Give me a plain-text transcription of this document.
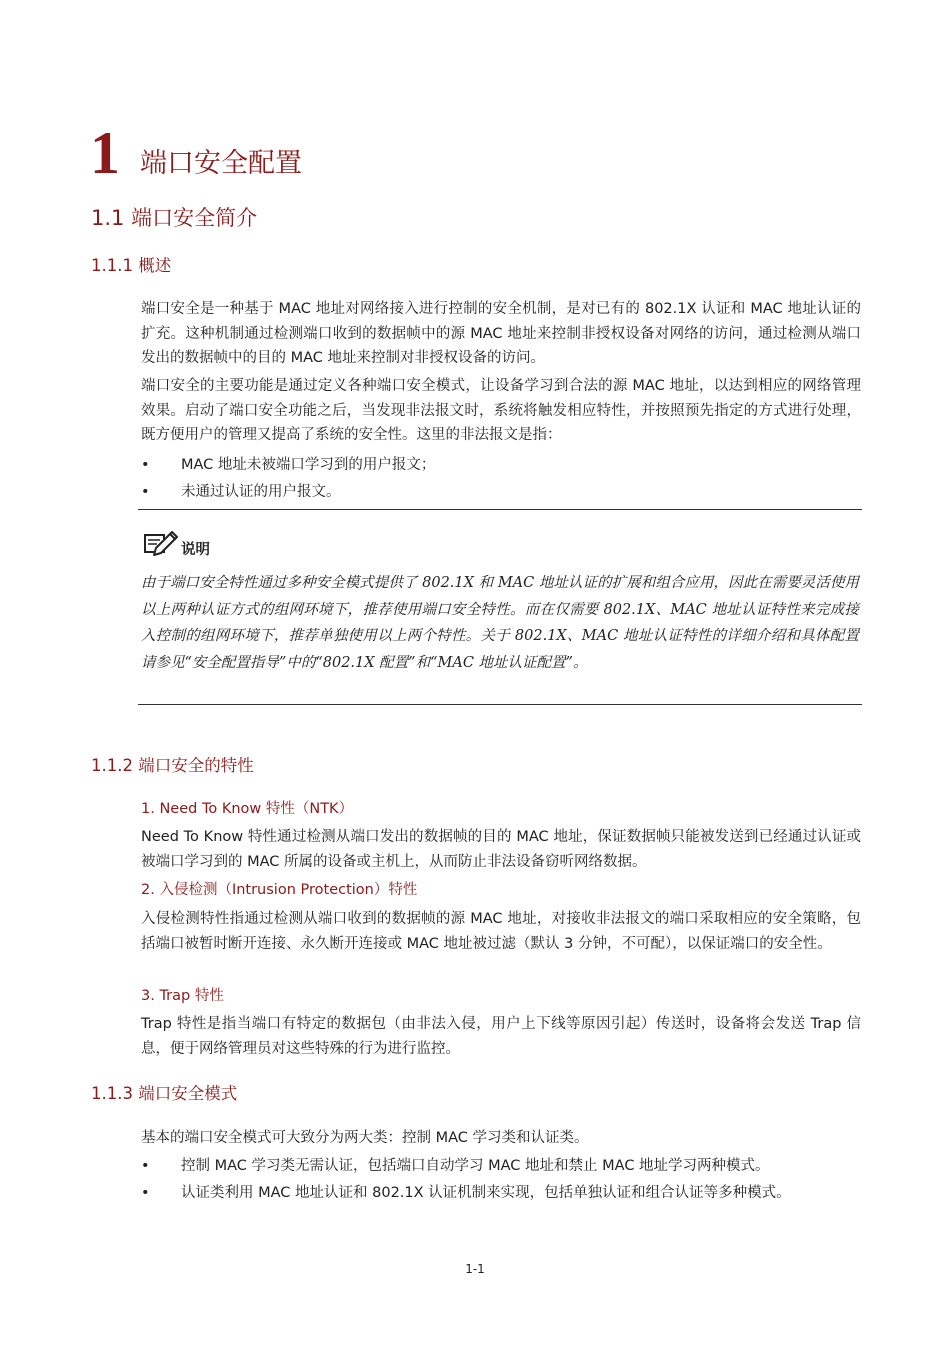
1 端口安全配置
1.1 端口安全简介
1.1.1 概述
端口安全是一种基于 MAC 地址对网络接入进行控制的安全机制，是对已有的 802.1X 认证和 MAC 地址认证的扩充。这种机制通过检测端口收到的数据帧中的源 MAC 地址来控制非授权设备对网络的访问，通过检测从端口发出的数据帧中的目的 MAC 地址来控制对非授权设备的访问。
端口安全的主要功能是通过定义各种端口安全模式，让设备学习到合法的源 MAC 地址，以达到相应的网络管理效果。启动了端口安全功能之后，当发现非法报文时，系统将触发相应特性，并按照预先指定的方式进行处理，既方便用户的管理又提高了系统的安全性。这里的非法报文是指：
• MAC 地址未被端口学习到的用户报文；
• 未通过认证的用户报文。
说明
由于端口安全特性通过多种安全模式提供了 802.1X 和 MAC 地址认证的扩展和组合应用，因此在需要灵活使用以上两种认证方式的组网环境下，推荐使用端口安全特性。而在仅需要 802.1X、MAC 地址认证特性来完成接入控制的组网环境下，推荐单独使用以上两个特性。关于 802.1X、MAC 地址认证特性的详细介绍和具体配置请参见“安全配置指导”中的“802.1X 配置”和“MAC 地址认证配置”。
1.1.2 端口安全的特性
1. Need To Know 特性（NTK）
Need To Know 特性通过检测从端口发出的数据帧的目的 MAC 地址，保证数据帧只能被发送到已经通过认证或被端口学习到的 MAC 所属的设备或主机上，从而防止非法设备窃听网络数据。
2. 入侵检测（Intrusion Protection）特性
入侵检测特性指通过检测从端口收到的数据帧的源 MAC 地址，对接收非法报文的端口采取相应的安全策略，包括端口被暂时断开连接、永久断开连接或 MAC 地址被过滤（默认 3 分钟，不可配），以保证端口的安全性。
3. Trap 特性
Trap 特性是指当端口有特定的数据包（由非法入侵，用户上下线等原因引起）传送时，设备将会发送 Trap 信息，便于网络管理员对这些特殊的行为进行监控。
1.1.3 端口安全模式
基本的端口安全模式可大致分为两大类：控制 MAC 学习类和认证类。
• 控制 MAC 学习类无需认证，包括端口自动学习 MAC 地址和禁止 MAC 地址学习两种模式。
• 认证类利用 MAC 地址认证和 802.1X 认证机制来实现，包括单独认证和组合认证等多种模式。
1-1
